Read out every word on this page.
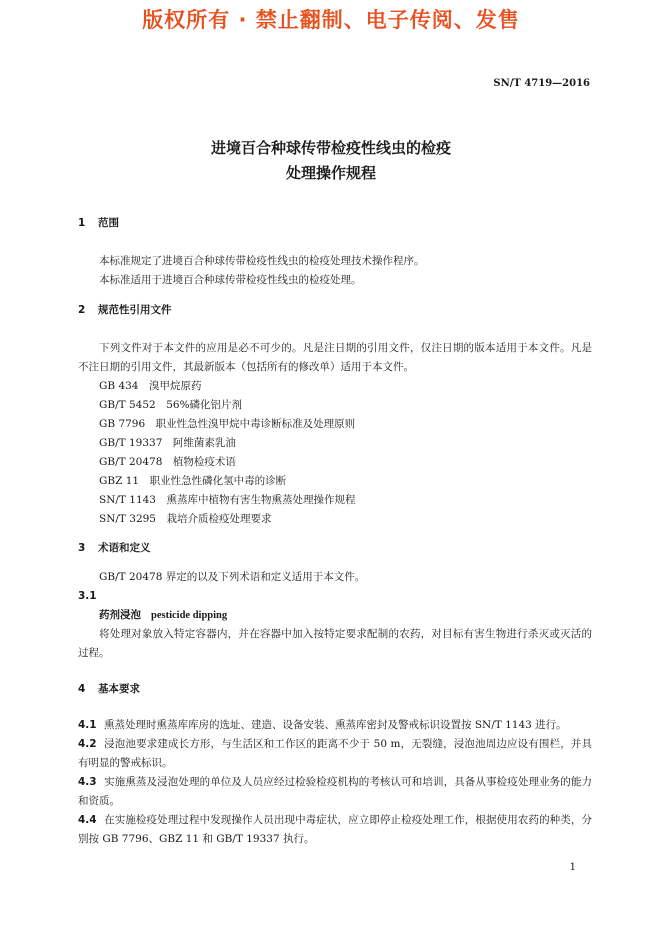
版权所有 · 禁止翻制、电子传阅、发售
SN/T 4719—2016
进境百合种球传带检疫性线虫的检疫
处理操作规程
1 范围
本标准规定了进境百合种球传带检疫性线虫的检疫处理技术操作程序。
本标准适用于进境百合种球传带检疫性线虫的检疫处理。
2 规范性引用文件
下列文件对于本文件的应用是必不可少的。凡是注日期的引用文件，仅注日期的版本适用于本文件。凡是不注日期的引用文件，其最新版本（包括所有的修改单）适用于本文件。
GB 434  溴甲烷原药
GB/T 5452  56%磷化铝片剂
GB 7796  职业性急性溴甲烷中毒诊断标准及处理原则
GB/T 19337  阿维菌素乳油
GB/T 20478  植物检疫术语
GBZ 11  职业性急性磷化氢中毒的诊断
SN/T 1143  熏蒸库中植物有害生物熏蒸处理操作规程
SN/T 3295  栽培介质检疫处理要求
3 术语和定义
GB/T 20478 界定的以及下列术语和定义适用于本文件。
3.1
药剂浸泡 pesticide dipping
将处理对象放入特定容器内，并在容器中加入按特定要求配制的农药，对目标有害生物进行杀灭或灭活的过程。
4 基本要求
4.1 熏蒸处理时熏蒸库库房的选址、建造、设备安装、熏蒸库密封及警戒标识设置按 SN/T 1143 进行。
4.2 浸泡池要求建成长方形，与生活区和工作区的距离不少于 50 m，无裂缝，浸泡池周边应设有围栏，并具有明显的警戒标识。
4.3 实施熏蒸及浸泡处理的单位及人员应经过检验检疫机构的考核认可和培训，具备从事检疫处理业务的能力和资质。
4.4 在实施检疫处理过程中发现操作人员出现中毒症状，应立即停止检疫处理工作，根据使用农药的种类，分别按 GB 7796、GBZ 11 和 GB/T 19337 执行。
1
